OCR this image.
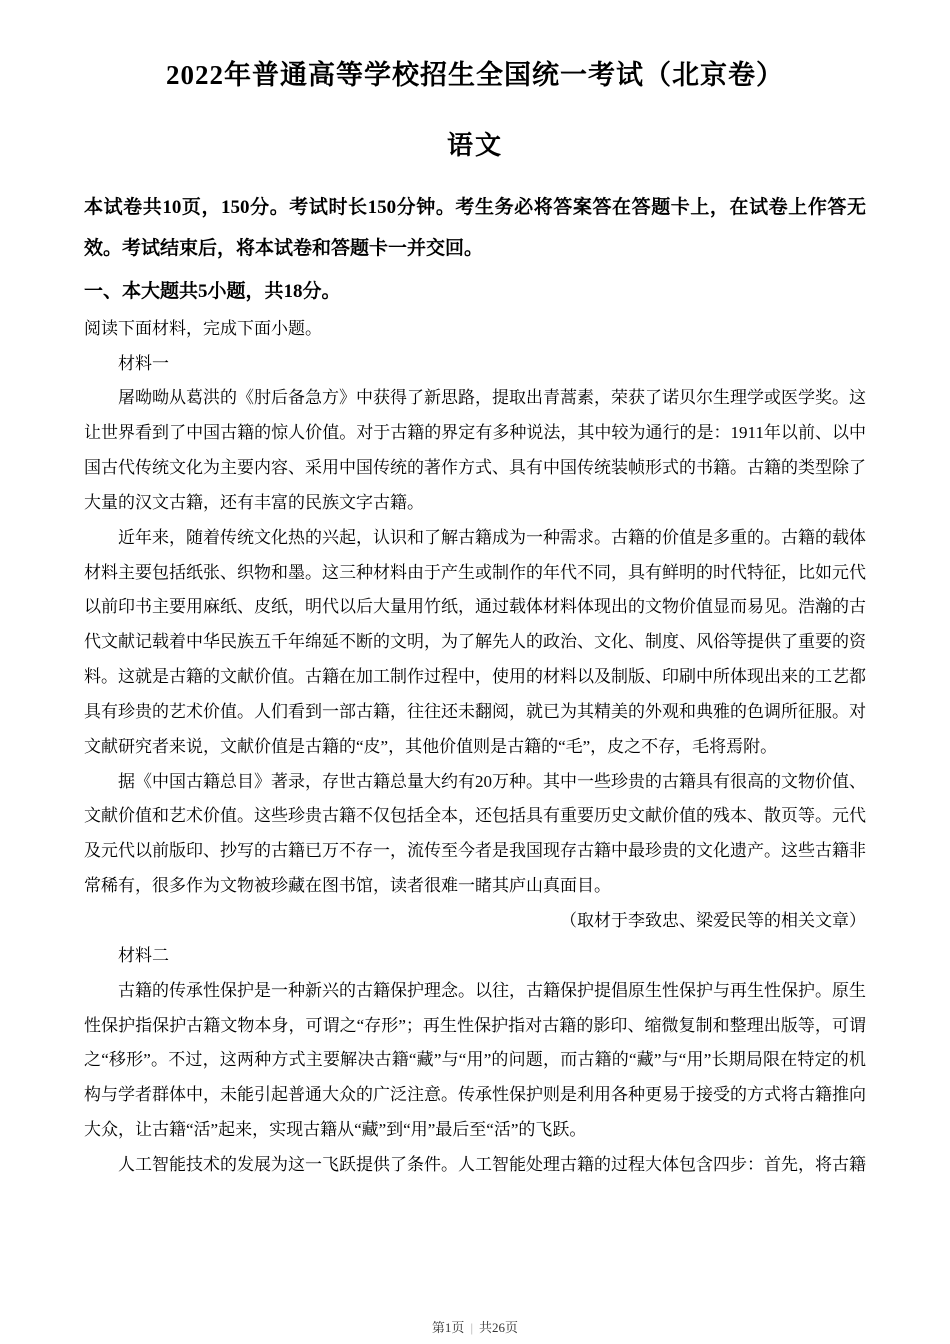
2022年普通高等学校招生全国统一考试（北京卷）
语文

本试卷共10页，150分。考试时长150分钟。考生务必将答案答在答题卡上，在试卷上作答无效。考试结束后，将本试卷和答题卡一并交回。

一、本大题共5小题，共18分。

阅读下面材料，完成下面小题。

材料一

屠呦呦从葛洪的《肘后备急方》中获得了新思路，提取出青蒿素，荣获了诺贝尔生理学或医学奖。这让世界看到了中国古籍的惊人价值。对于古籍的界定有多种说法，其中较为通行的是：1911年以前、以中国古代传统文化为主要内容、采用中国传统的著作方式、具有中国传统装帧形式的书籍。古籍的类型除了大量的汉文古籍，还有丰富的民族文字古籍。

近年来，随着传统文化热的兴起，认识和了解古籍成为一种需求。古籍的价值是多重的。古籍的载体材料主要包括纸张、织物和墨。这三种材料由于产生或制作的年代不同，具有鲜明的时代特征，比如元代以前印书主要用麻纸、皮纸，明代以后大量用竹纸，通过载体材料体现出的文物价值显而易见。浩瀚的古代文献记载着中华民族五千年绵延不断的文明，为了解先人的政治、文化、制度、风俗等提供了重要的资料。这就是古籍的文献价值。古籍在加工制作过程中，使用的材料以及制版、印刷中所体现出来的工艺都具有珍贵的艺术价值。人们看到一部古籍，往往还未翻阅，就已为其精美的外观和典雅的色调所征服。对文献研究者来说，文献价值是古籍的“皮”，其他价值则是古籍的“毛”，皮之不存，毛将焉附。

据《中国古籍总目》著录，存世古籍总量大约有20万种。其中一些珍贵的古籍具有很高的文物价值、文献价值和艺术价值。这些珍贵古籍不仅包括全本，还包括具有重要历史文献价值的残本、散页等。元代及元代以前版印、抄写的古籍已万不存一，流传至今者是我国现存古籍中最珍贵的文化遗产。这些古籍非常稀有，很多作为文物被珍藏在图书馆，读者很难一睹其庐山真面目。

（取材于李致忠、梁爱民等的相关文章）

材料二

古籍的传承性保护是一种新兴的古籍保护理念。以往，古籍保护提倡原生性保护与再生性保护。原生性保护指保护古籍文物本身，可谓之“存形”；再生性保护指对古籍的影印、缩微复制和整理出版等，可谓之“移形”。不过，这两种方式主要解决古籍“藏”与“用”的问题，而古籍的“藏”与“用”长期局限在特定的机构与学者群体中，未能引起普通大众的广泛注意。传承性保护则是利用各种更易于接受的方式将古籍推向大众，让古籍“活”起来，实现古籍从“藏”到“用”最后至“活”的飞跃。

人工智能技术的发展为这一飞跃提供了条件。人工智能处理古籍的过程大体包含四步：首先，将古籍

第1页 | 共26页
